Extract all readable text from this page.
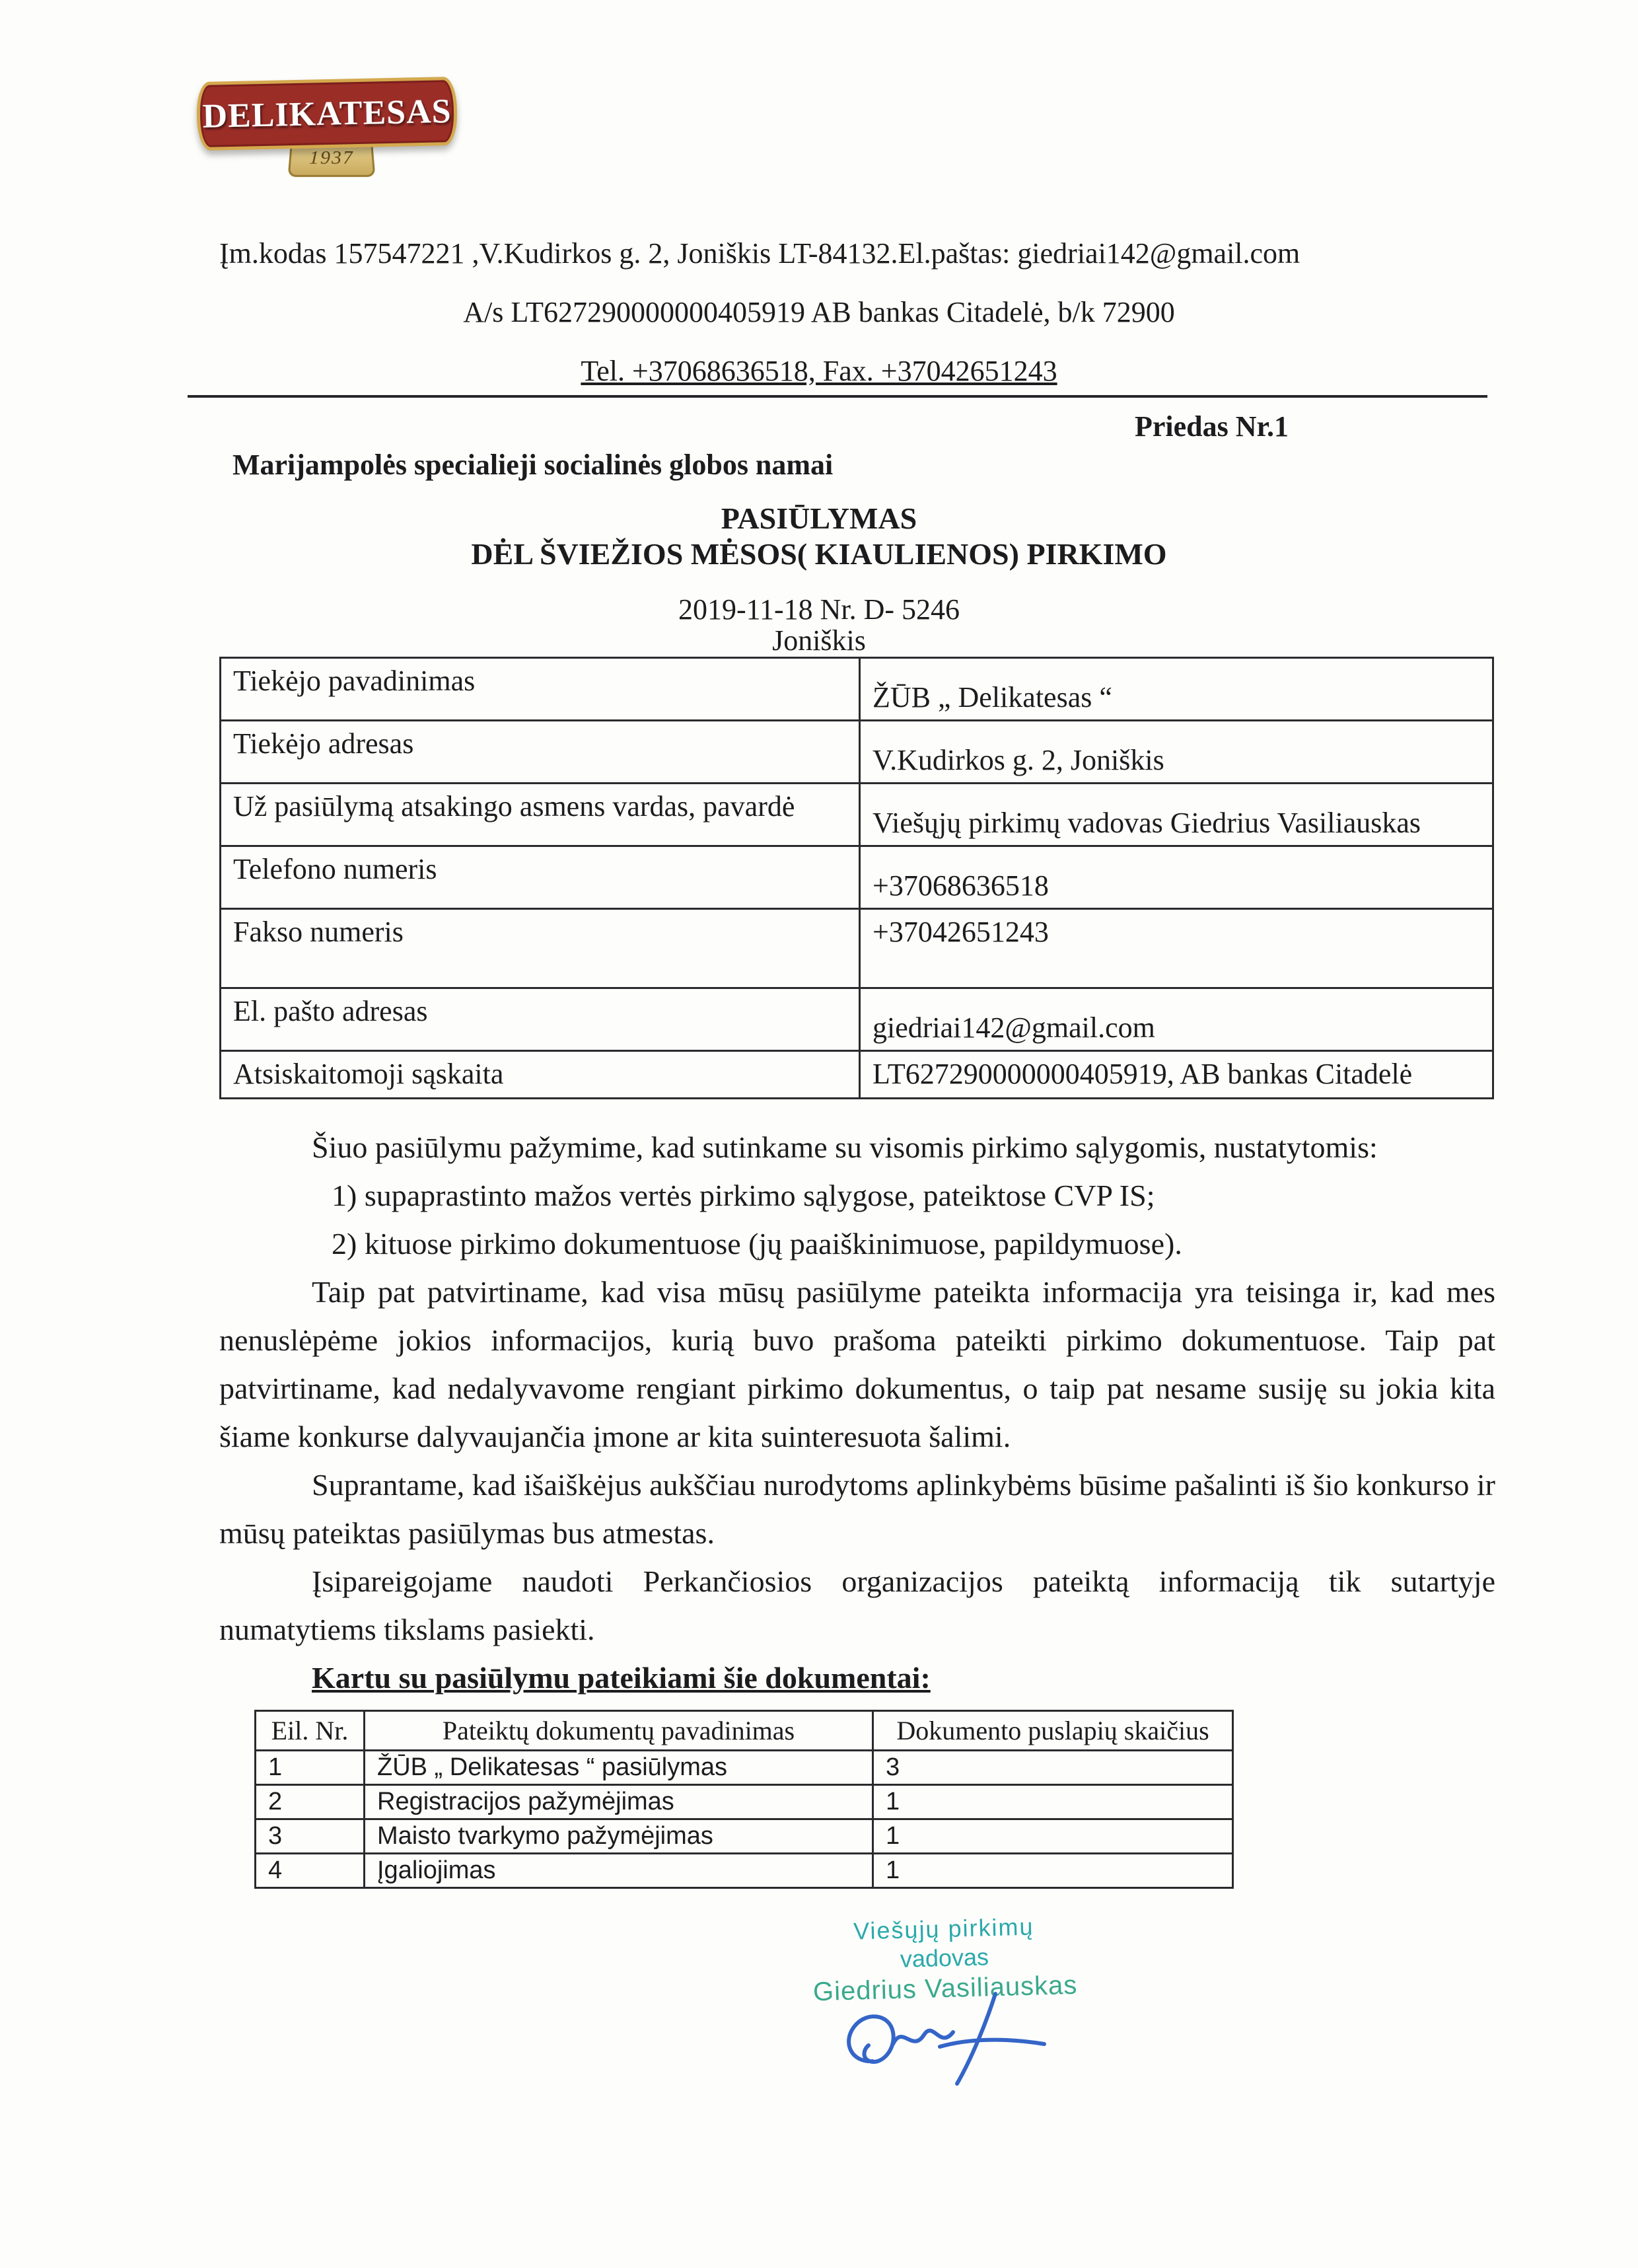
1937
DELIKATESAS
Įm.kodas 157547221 ,V.Kudirkos g. 2, Joniškis LT-84132.El.paštas: giedriai142@gmail.com
A/s LT627290000000405919 AB bankas Citadelė, b/k 72900
Tel. +37068636518, Fax. +37042651243
Priedas Nr.1
Marijampolės specialieji socialinės globos namai
PASIŪLYMAS
DĖL ŠVIEŽIOS MĖSOS( KIAULIENOS) PIRKIMO
2019-11-18 Nr. D- 5246
Joniškis
Tiekėjo pavadinimas	ŽŪB „ Delikatesas “
Tiekėjo adresas	V.Kudirkos g. 2, Joniškis
Už pasiūlymą atsakingo asmens vardas, pavardė	Viešųjų pirkimų vadovas Giedrius Vasiliauskas
Telefono numeris	+37068636518
Fakso numeris	+37042651243
El. pašto adresas	giedriai142@gmail.com
Atsiskaitomoji sąskaita	LT627290000000405919, AB bankas Citadelė

Šiuo pasiūlymu pažymime, kad sutinkame su visomis pirkimo sąlygomis, nustatytomis:

1) supaprastinto mažos vertės pirkimo sąlygose, pateiktose CVP IS;

2) kituose pirkimo dokumentuose (jų paaiškinimuose, papildymuose).

Taip pat patvirtiname, kad visa mūsų pasiūlyme pateikta informacija yra teisinga ir, kad mes nenuslėpėme jokios informacijos, kurią buvo prašoma pateikti pirkimo dokumentuose. Taip pat patvirtiname, kad nedalyvavome rengiant pirkimo dokumentus, o taip pat nesame susiję su jokia kita šiame konkurse dalyvaujančia įmone ar kita suinteresuota šalimi.

Suprantame, kad išaiškėjus aukščiau nurodytoms aplinkybėms būsime pašalinti iš šio konkurso ir mūsų pateiktas pasiūlymas bus atmestas.

Įsipareigojame naudoti Perkančiosios organizacijos pateiktą informaciją tik sutartyje numatytiems tikslams pasiekti.

Kartu su pasiūlymu pateikiami šie dokumentai:

Eil. Nr.	Pateiktų dokumentų pavadinimas	Dokumento puslapių skaičius
1	ŽŪB „ Delikatesas “ pasiūlymas	3
2	Registracijos pažymėjimas	1
3	Maisto tvarkymo pažymėjimas	1
4	Įgaliojimas	1
Viešųjų pirkimų
vadovas
Giedrius Vasiliauskas
